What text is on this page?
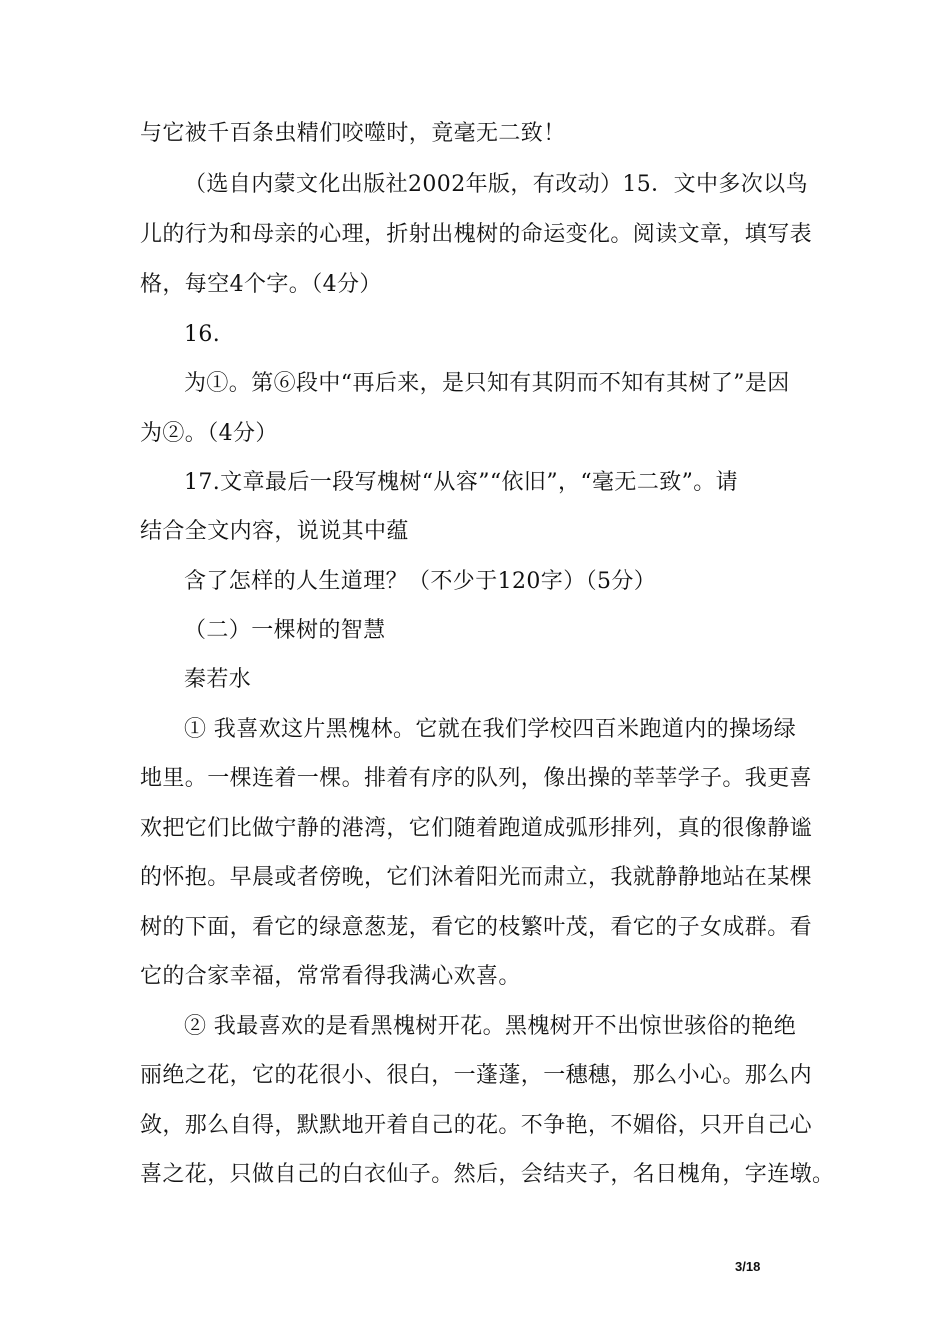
与它被千百条虫精们咬噬时，竟毫无二致！
（选自内蒙文化出版社2002年版，有改动）15．文中多次以鸟
儿的行为和母亲的心理，折射出槐树的命运变化。阅读文章，填写表
格，每空4个字。（4分）
16.
为①。第⑥段中“再后来，是只知有其阴而不知有其树了”是因
为②。（4分）
17.文章最后一段写槐树“从容”“依旧”，“毫无二致”。请
结合全文内容，说说其中蕴
含了怎样的人生道理？（不少于120字）（5分）
（二）一棵树的智慧
秦若水
① 我喜欢这片黑槐林。它就在我们学校四百米跑道内的操场绿
地里。一棵连着一棵。排着有序的队列，像出操的莘莘学子。我更喜
欢把它们比做宁静的港湾，它们随着跑道成弧形排列，真的很像静谧
的怀抱。早晨或者傍晚，它们沐着阳光而肃立，我就静静地站在某棵
树的下面，看它的绿意葱茏，看它的枝繁叶茂，看它的子女成群。看
它的合家幸福，常常看得我满心欢喜。
② 我最喜欢的是看黑槐树开花。黑槐树开不出惊世骇俗的艳绝
丽绝之花，它的花很小、很白，一蓬蓬，一穗穗，那么小心。那么内
敛，那么自得，默默地开着自己的花。不争艳，不媚俗，只开自己心
喜之花，只做自己的白衣仙子。然后，会结夹子，名日槐角，字连墩。
3/18
